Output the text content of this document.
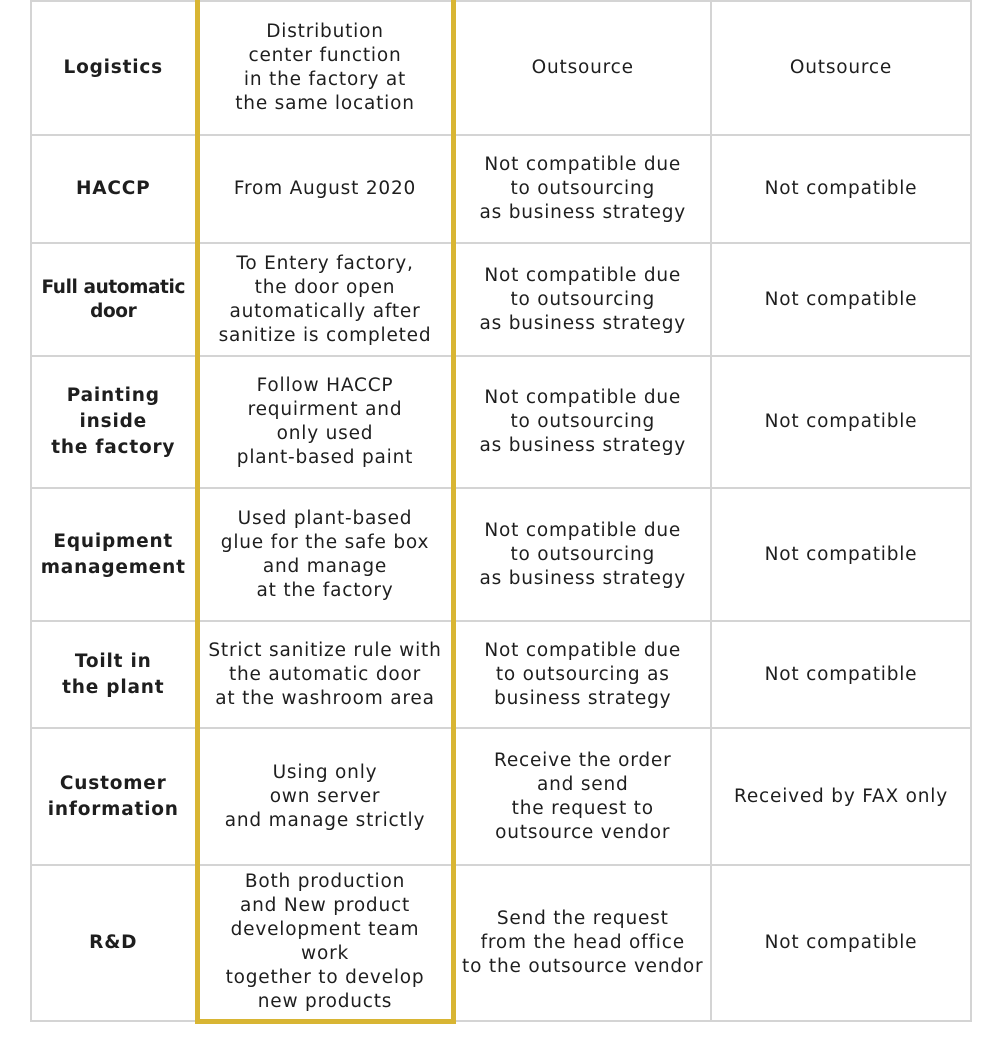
Logistics	Distribution
center function
in the factory at
the same location	Outsource	Outsource
HACCP	From August 2020	Not compatible due
to outsourcing
as business strategy	Not compatible
Full automatic
door	To Entery factory,
the door open
automatically after
sanitize is completed	Not compatible due
to outsourcing
as business strategy	Not compatible
Painting
inside
the factory	Follow HACCP
requirment and
only used
plant-based paint	Not compatible due
to outsourcing
as business strategy	Not compatible
Equipment
management	Used plant-based
glue for the safe box
and manage
at the factory	Not compatible due
to outsourcing
as business strategy	Not compatible
Toilt in
the plant	Strict sanitize rule with
the automatic door
at the washroom area	Not compatible due
to outsourcing as
business strategy	Not compatible
Customer
information	Using only
own server
and manage strictly	Receive the order
and send
the request to
outsource vendor	Received by FAX only
R&D	Both production
and New product
development team work
together to develop
new products	Send the request
from the head office
to the outsource vendor	Not compatible
